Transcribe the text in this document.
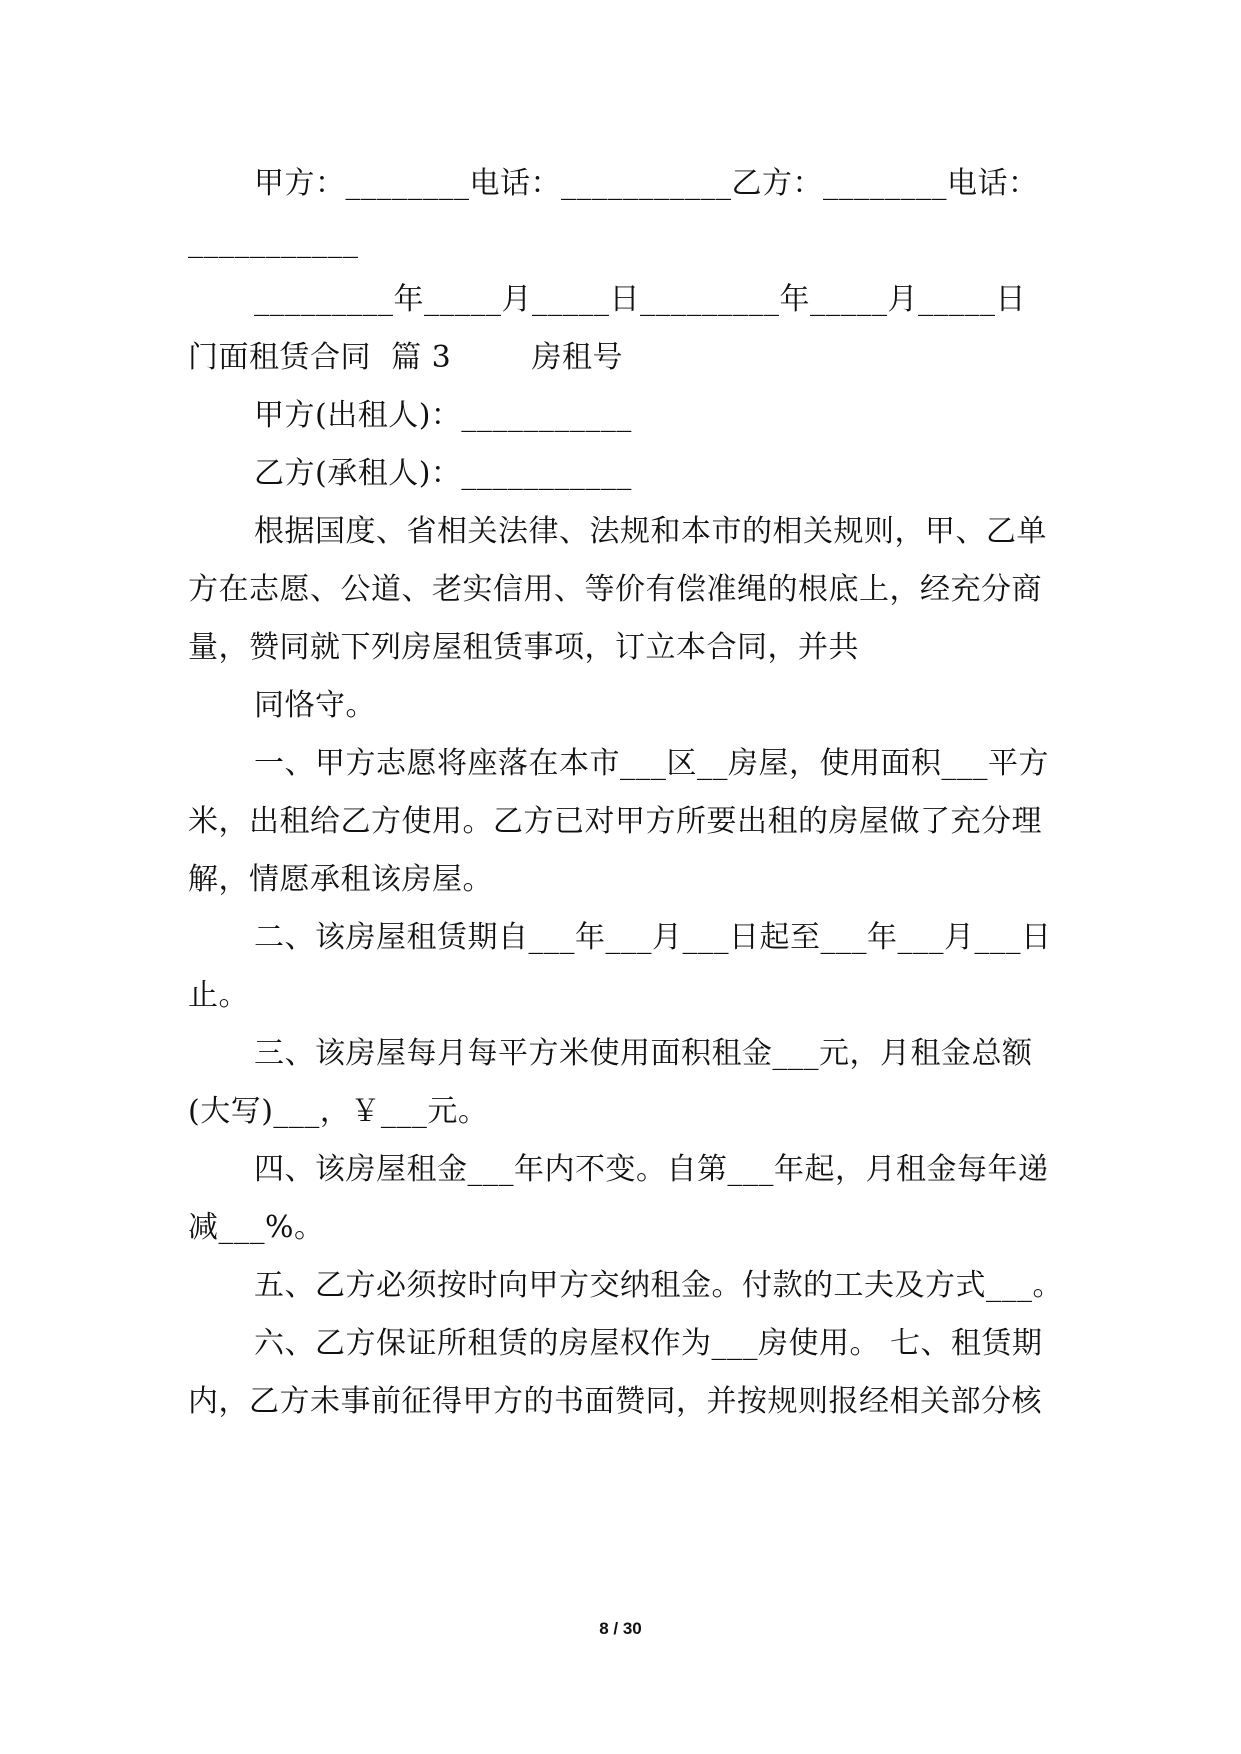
甲方：________电话：___________乙方：________电话：
___________
_________年_____月_____日_________年_____月_____日
门面租赁合同  篇 3        房租号
甲方(出租人)：___________
乙方(承租人)：___________
根据国度、省相关法律、法规和本市的相关规则，甲、乙单
方在志愿、公道、老实信用、等价有偿准绳的根底上，经充分商
量，赞同就下列房屋租赁事项，订立本合同，并共
同恪守。
一、甲方志愿将座落在本市___区__房屋，使用面积___平方
米，出租给乙方使用。乙方已对甲方所要出租的房屋做了充分理
解，情愿承租该房屋。
二、该房屋租赁期自___年___月___日起至___年___月___日
止。
三、该房屋每月每平方米使用面积租金___元，月租金总额
(大写)___，￥___元。
四、该房屋租金___年内不变。自第___年起，月租金每年递
减___%。
五、乙方必须按时向甲方交纳租金。付款的工夫及方式___。
六、乙方保证所租赁的房屋权作为___房使用。 七、租赁期
内，乙方未事前征得甲方的书面赞同，并按规则报经相关部分核
8 / 30
